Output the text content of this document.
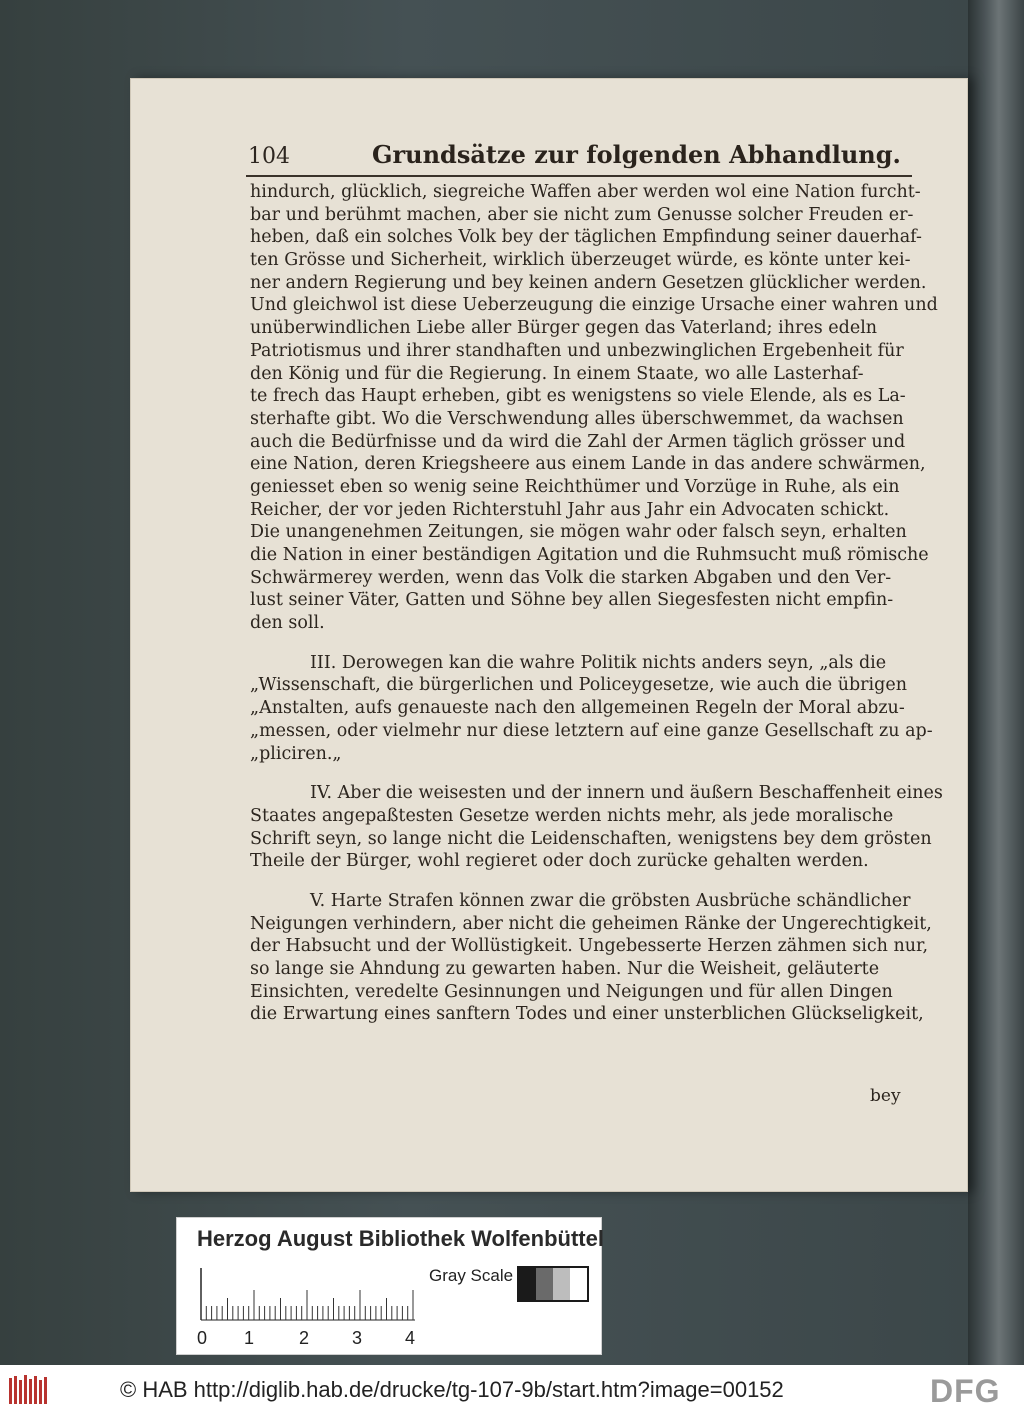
104	Grundsätze zur folgenden Abhandlung.
hindurch, glücklich, siegreiche Waffen aber werden wol eine Nation furcht-
bar und berühmt machen, aber sie nicht zum Genusse solcher Freuden er-
heben, daß ein solches Volk bey der täglichen Empfindung seiner dauerhaf-
ten Grösse und Sicherheit, wirklich überzeuget würde, es könte unter kei-
ner andern Regierung und bey keinen andern Gesetzen glücklicher werden.
Und gleichwol ist diese Ueberzeugung die einzige Ursache einer wahren und
unüberwindlichen Liebe aller Bürger gegen das Vaterland; ihres edeln
Patriotismus und ihrer standhaften und unbezwinglichen Ergebenheit für
den König und für die Regierung. In einem Staate, wo alle Lasterhaf-
te frech das Haupt erheben, gibt es wenigstens so viele Elende, als es La-
sterhafte gibt. Wo die Verschwendung alles überschwemmet, da wachsen
auch die Bedürfnisse und da wird die Zahl der Armen täglich grösser und
eine Nation, deren Kriegsheere aus einem Lande in das andere schwärmen,
geniesset eben so wenig seine Reichthümer und Vorzüge in Ruhe, als ein
Reicher, der vor jeden Richterstuhl Jahr aus Jahr ein Advocaten schickt.
Die unangenehmen Zeitungen, sie mögen wahr oder falsch seyn, erhalten
die Nation in einer beständigen Agitation und die Ruhmsucht muß römische
Schwärmerey werden, wenn das Volk die starken Abgaben und den Ver-
lust seiner Väter, Gatten und Söhne bey allen Siegesfesten nicht empfin-
den soll.
III. Derowegen kan die wahre Politik nichts anders seyn, „als die
„Wissenschaft, die bürgerlichen und Policeygesetze, wie auch die übrigen
„Anstalten, aufs genaueste nach den allgemeinen Regeln der Moral abzu-
„messen, oder vielmehr nur diese letztern auf eine ganze Gesellschaft zu ap-
„pliciren.„
IV. Aber die weisesten und der innern und äußern Beschaffenheit eines
Staates angepaßtesten Gesetze werden nichts mehr, als jede moralische
Schrift seyn, so lange nicht die Leidenschaften, wenigstens bey dem grösten
Theile der Bürger, wohl regieret oder doch zurücke gehalten werden.
V. Harte Strafen können zwar die gröbsten Ausbrüche schändlicher
Neigungen verhindern, aber nicht die geheimen Ränke der Ungerechtigkeit,
der Habsucht und der Wollüstigkeit. Ungebesserte Herzen zähmen sich nur,
so lange sie Ahndung zu gewarten haben. Nur die Weisheit, geläuterte
Einsichten, veredelte Gesinnungen und Neigungen und für allen Dingen
die Erwartung eines sanftern Todes und einer unsterblichen Glückseligkeit,
bey
Herzog August Bibliothek Wolfenbüttel
0 1 2 3 4
Gray Scale
© HAB http://diglib.hab.de/drucke/tg-107-9b/start.htm?image=00152	DFG
